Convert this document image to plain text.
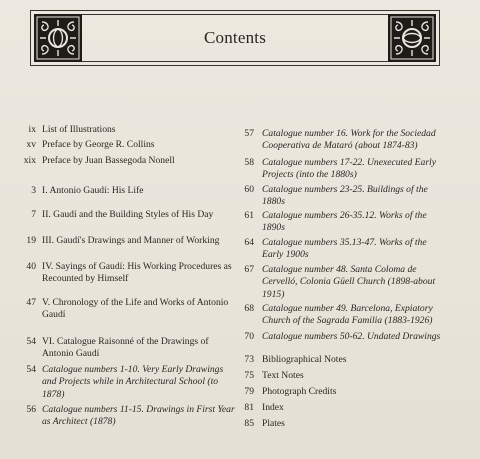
Contents
ix List of Illustrations
xv Preface by George R. Collins
xix Preface by Juan Bassegoda Nonell
3 I. Antonio Gaudí: His Life
7 II. Gaudí and the Building Styles of His Day
19 III. Gaudí's Drawings and Manner of Working
40 IV. Sayings of Gaudí: His Working Procedures as Recounted by Himself
47 V. Chronology of the Life and Works of Antonio Gaudí
54 VI. Catalogue Raisonné of the Drawings of Antonio Gaudí
54 Catalogue numbers 1-10. Very Early Drawings and Projects while in Architectural School (to 1878)
56 Catalogue numbers 11-15. Drawings in First Year as Architect (1878)
57 Catalogue number 16. Work for the Sociedad Cooperativa de Mataró (about 1874-83)
58 Catalogue numbers 17-22. Unexecuted Early Projects (into the 1880s)
60 Catalogue numbers 23-25. Buildings of the 1880s
61 Catalogue numbers 26-35.12. Works of the 1890s
64 Catalogue numbers 35.13-47. Works of the Early 1900s
67 Catalogue number 48. Santa Coloma de Cervelló, Colonia Güell Church (1898-about 1915)
68 Catalogue number 49. Barcelona, Expiatory Church of the Sagrada Familia (1883-1926)
70 Catalogue numbers 50-62. Undated Drawings
73 Bibliographical Notes
75 Text Notes
79 Photograph Credits
81 Index
85 Plates
